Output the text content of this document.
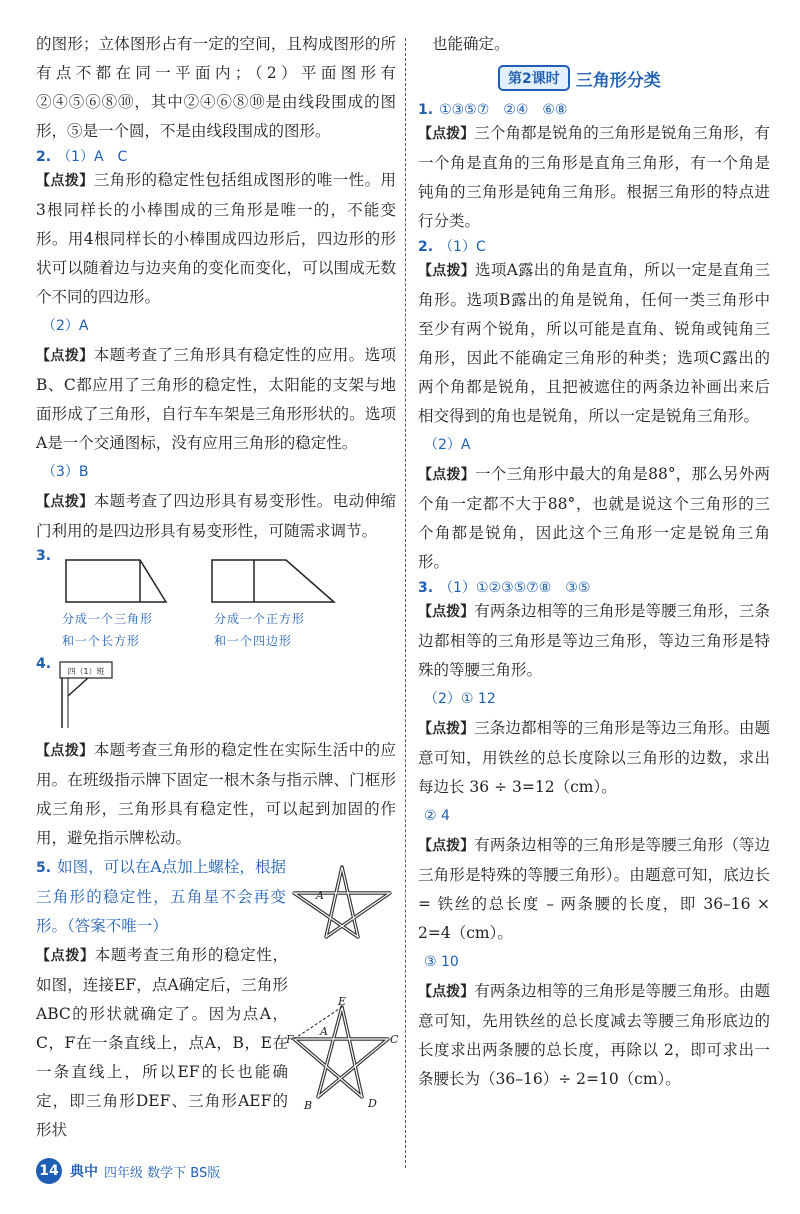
的图形；立体图形占有一定的空间，且构成图形的所有点不都在同一平面内；（2）平面图形有②④⑤⑥⑧⑩，其中②④⑥⑧⑩是由线段围成的图形，⑤是一个圆，不是由线段围成的图形。

2. （1）A　C

【点拨】三角形的稳定性包括组成图形的唯一性。用3根同样长的小棒围成的三角形是唯一的，不能变形。用4根同样长的小棒围成四边形后，四边形的形状可以随着边与边夹角的变化而变化，可以围成无数个不同的四边形。

（2）A

【点拨】本题考查了三角形具有稳定性的应用。选项B、C都应用了三角形的稳定性，太阳能的支架与地面形成了三角形，自行车车架是三角形形状的。选项A是一个交通图标，没有应用三角形的稳定性。

（3）B

【点拨】本题考查了四边形具有易变形性。电动伸缩门利用的是四边形具有易变形性，可随需求调节。

3.
分成一个三角形
和一个长方形
分成一个正方形
和一个四边形
4. 四（1）班

【点拨】本题考查三角形的稳定性在实际生活中的应用。在班级指示牌下固定一根木条与指示牌、门框形成三角形，三角形具有稳定性，可以起到加固的作用，避免指示牌松动。

A

5. 如图，可以在A点加上螺栓，根据三角形的稳定性，五角星不会再变形。（答案不唯一）

E
F	C
A
B	D

【点拨】本题考查三角形的稳定性，如图，连接EF，点A确定后，三角形ABC的形状就确定了。因为点A，C，F在一条直线上，点A，B，E在一条直线上，所以EF的长也能确定，即三角形DEF、三角形AEF的形状

也能确定。

第2课时 三角形分类
1. ①③⑤⑦　②④　⑥⑧

【点拨】三个角都是锐角的三角形是锐角三角形，有一个角是直角的三角形是直角三角形，有一个角是钝角的三角形是钝角三角形。根据三角形的特点进行分类。

2. （1）C

【点拨】选项A露出的角是直角，所以一定是直角三角形。选项B露出的角是锐角，任何一类三角形中至少有两个锐角，所以可能是直角、锐角或钝角三角形，因此不能确定三角形的种类；选项C露出的两个角都是锐角，且把被遮住的两条边补画出来后相交得到的角也是锐角，所以一定是锐角三角形。

（2）A

【点拨】一个三角形中最大的角是88°，那么另外两个角一定都不大于88°，也就是说这个三角形的三个角都是锐角，因此这个三角形一定是锐角三角形。

3. （1）①②③⑤⑦⑧　③⑤

【点拨】有两条边相等的三角形是等腰三角形，三条边都相等的三角形是等边三角形，等边三角形是特殊的等腰三角形。

（2）① 12

【点拨】三条边都相等的三角形是等边三角形。由题意可知，用铁丝的总长度除以三角形的边数，求出每边长 36 ÷ 3=12（cm）。

② 4

【点拨】有两条边相等的三角形是等腰三角形（等边三角形是特殊的等腰三角形）。由题意可知，底边长 = 铁丝的总长度 – 两条腰的长度，即 36–16 × 2=4（cm）。

③ 10

【点拨】有两条边相等的三角形是等腰三角形。由题意可知，先用铁丝的总长度减去等腰三角形底边的长度求出两条腰的总长度，再除以 2，即可求出一条腰长为（36–16）÷ 2=10（cm）。

14 典中 四年级 数学下 BS版
